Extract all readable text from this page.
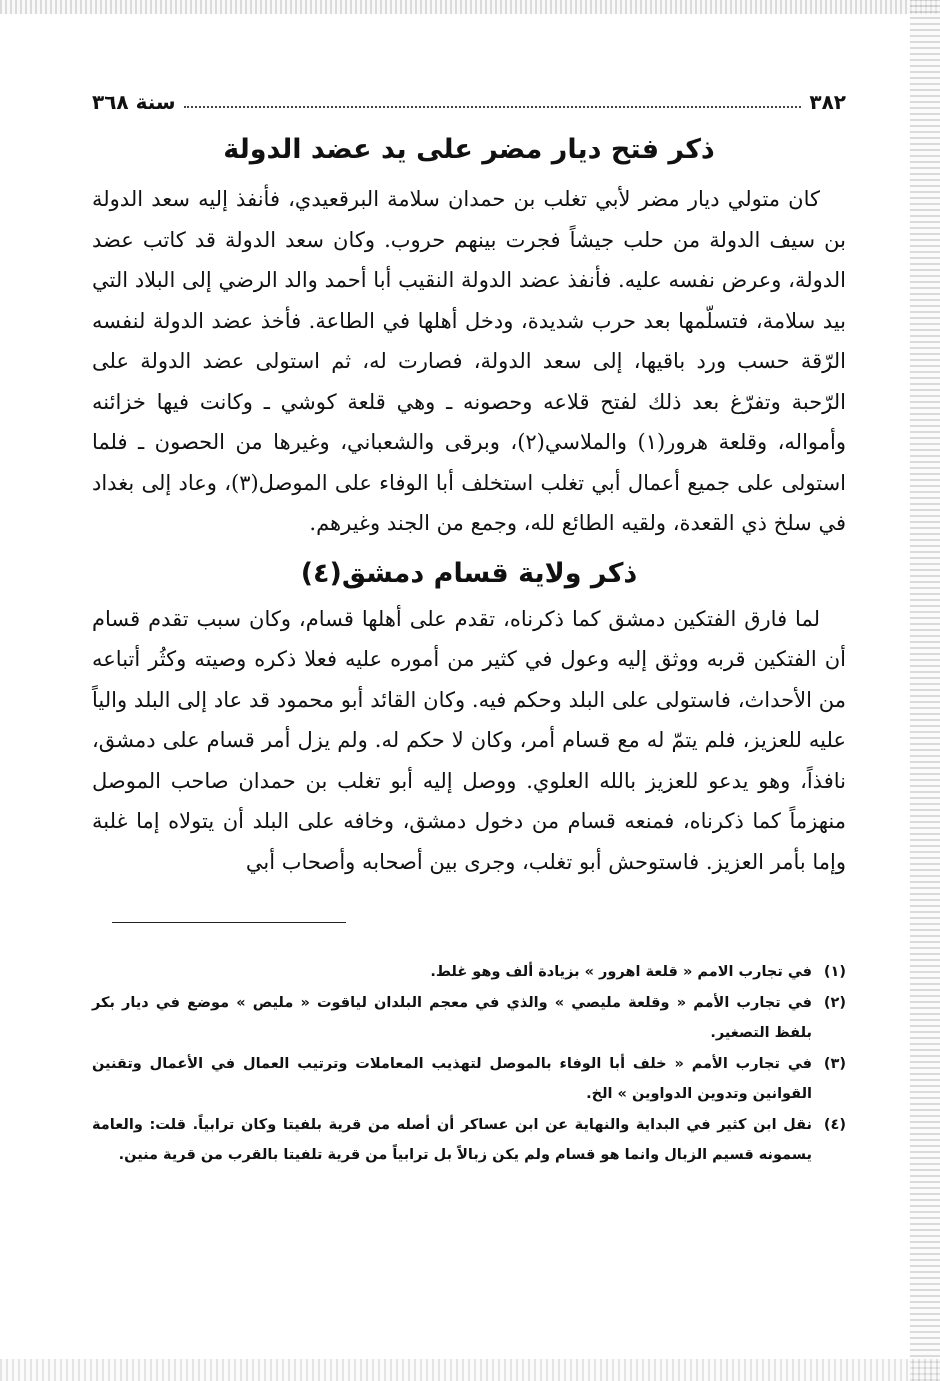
٣٨٢
سنة ٣٦٨
ذكر فتح ديار مضر على يد عضد الدولة

كان متولي ديار مضر لأبي تغلب بن حمدان سلامة البرقعيدي، فأنفذ إليه سعد الدولة بن سيف الدولة من حلب جيشاً فجرت بينهم حروب. وكان سعد الدولة قد كاتب عضد الدولة، وعرض نفسه عليه. فأنفذ عضد الدولة النقيب أبا أحمد والد الرضي إلى البلاد التي بيد سلامة، فتسلّمها بعد حرب شديدة، ودخل أهلها في الطاعة. فأخذ عضد الدولة لنفسه الرّقة حسب ورد باقيها، إلى سعد الدولة، فصارت له، ثم استولى عضد الدولة على الرّحبة وتفرّغ بعد ذلك لفتح قلاعه وحصونه ـ وهي قلعة كوشي ـ وكانت فيها خزائنه وأمواله، وقلعة هرور(١) والملاسي(٢)، وبرقى والشعباني، وغيرها من الحصون ـ فلما استولى على جميع أعمال أبي تغلب استخلف أبا الوفاء على الموصل(٣)، وعاد إلى بغداد في سلخ ذي القعدة، ولقيه الطائع لله، وجمع من الجند وغيرهم.

ذكر ولاية قسام دمشق(٤)

لما فارق الفتكين دمشق كما ذكرناه، تقدم على أهلها قسام، وكان سبب تقدم قسام أن الفتكين قربه ووثق إليه وعول في كثير من أموره عليه فعلا ذكره وصيته وكثُر أتباعه من الأحداث، فاستولى على البلد وحكم فيه. وكان القائد أبو محمود قد عاد إلى البلد والياً عليه للعزيز، فلم يتمّ له مع قسام أمر، وكان لا حكم له. ولم يزل أمر قسام على دمشق، نافذاً، وهو يدعو للعزيز بالله العلوي. ووصل إليه أبو تغلب بن حمدان صاحب الموصل منهزماً كما ذكرناه، فمنعه قسام من دخول دمشق، وخافه على البلد أن يتولاه إما غلبة وإما بأمر العزيز. فاستوحش أبو تغلب، وجرى بين أصحابه وأصحاب أبي

(١)
في تجارب الامم « قلعة اهرور » بزيادة ألف وهو غلط.
(٢)
في تجارب الأمم « وقلعة مليصي » والذي في معجم البلدان لياقوت « مليص » موضع في ديار بكر بلفظ التصغير.
(٣)
في تجارب الأمم « خلف أبا الوفاء بالموصل لتهذيب المعاملات وترتيب العمال في الأعمال وتقنين القوانين وتدوين الدواوين » الخ.
(٤)
نقل ابن كثير في البداية والنهاية عن ابن عساكر أن أصله من قرية بلفيتا وكان ترابياً. قلت: والعامة يسمونه قسيم الزبال وانما هو قسام ولم يكن زبالاً بل ترابياً من قرية تلفيتا بالقرب من قرية منين.
